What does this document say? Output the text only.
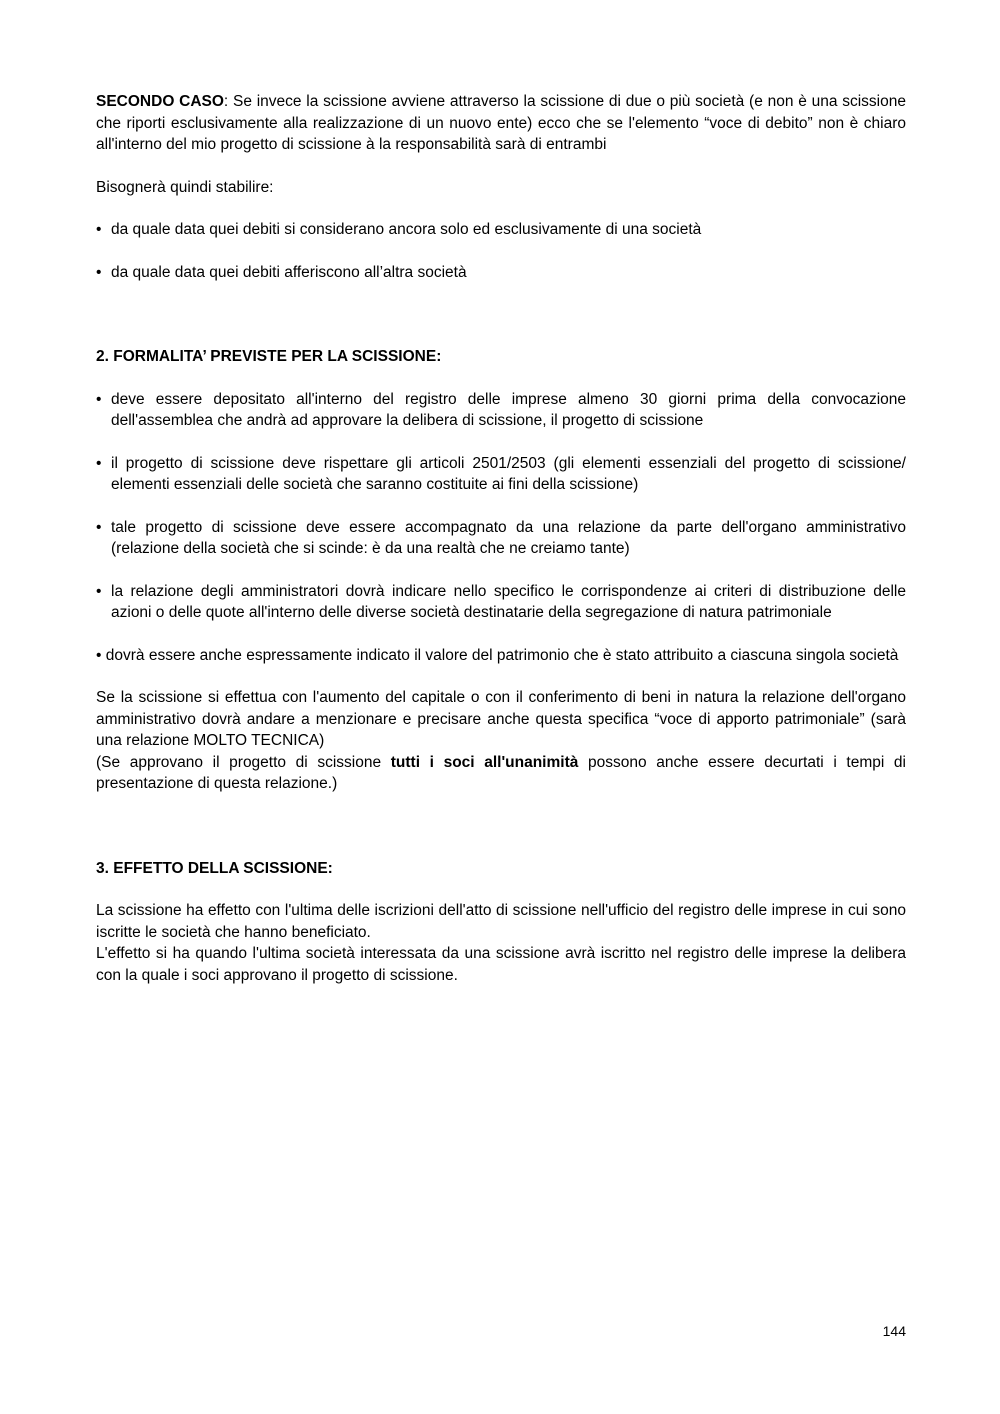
SECONDO CASO: Se invece la scissione avviene attraverso la scissione di due o più società (e non è una scissione che riporti esclusivamente alla realizzazione di un nuovo ente) ecco che se l'elemento “voce di debito” non è chiaro all'interno del mio progetto di scissione à la responsabilità sarà di entrambi

Bisognerà quindi stabilire:

• da quale data quei debiti si considerano ancora solo ed esclusivamente di una società
• da quale data quei debiti afferiscono all’altra società
2. FORMALITA’ PREVISTE PER LA SCISSIONE:
• deve essere depositato all'interno del registro delle imprese almeno 30 giorni prima della convocazione dell'assemblea che andrà ad approvare la delibera di scissione, il progetto di scissione
• il progetto di scissione deve rispettare gli articoli 2501/2503 (gli elementi essenziali del progetto di scissione/ elementi essenziali delle società che saranno costituite ai fini della scissione)
• tale progetto di scissione deve essere accompagnato da una relazione da parte dell'organo amministrativo (relazione della società che si scinde: è da una realtà che ne creiamo tante)
• la relazione degli amministratori dovrà indicare nello specifico le corrispondenze ai criteri di distribuzione delle azioni o delle quote all'interno delle diverse società destinatarie della segregazione di natura patrimoniale

• dovrà essere anche espressamente indicato il valore del patrimonio che è stato attribuito a ciascuna singola società

Se la scissione si effettua con l'aumento del capitale o con il conferimento di beni in natura la relazione dell'organo amministrativo dovrà andare a menzionare e precisare anche questa specifica “voce di apporto patrimoniale” (sarà una relazione MOLTO TECNICA)

(Se approvano il progetto di scissione tutti i soci all'unanimità possono anche essere decurtati i tempi di presentazione di questa relazione.)

3. EFFETTO DELLA SCISSIONE:

La scissione ha effetto con l'ultima delle iscrizioni dell'atto di scissione nell'ufficio del registro delle imprese in cui sono iscritte le società che hanno beneficiato.

L'effetto si ha quando l'ultima società interessata da una scissione avrà iscritto nel registro delle imprese la delibera con la quale i soci approvano il progetto di scissione.

144
